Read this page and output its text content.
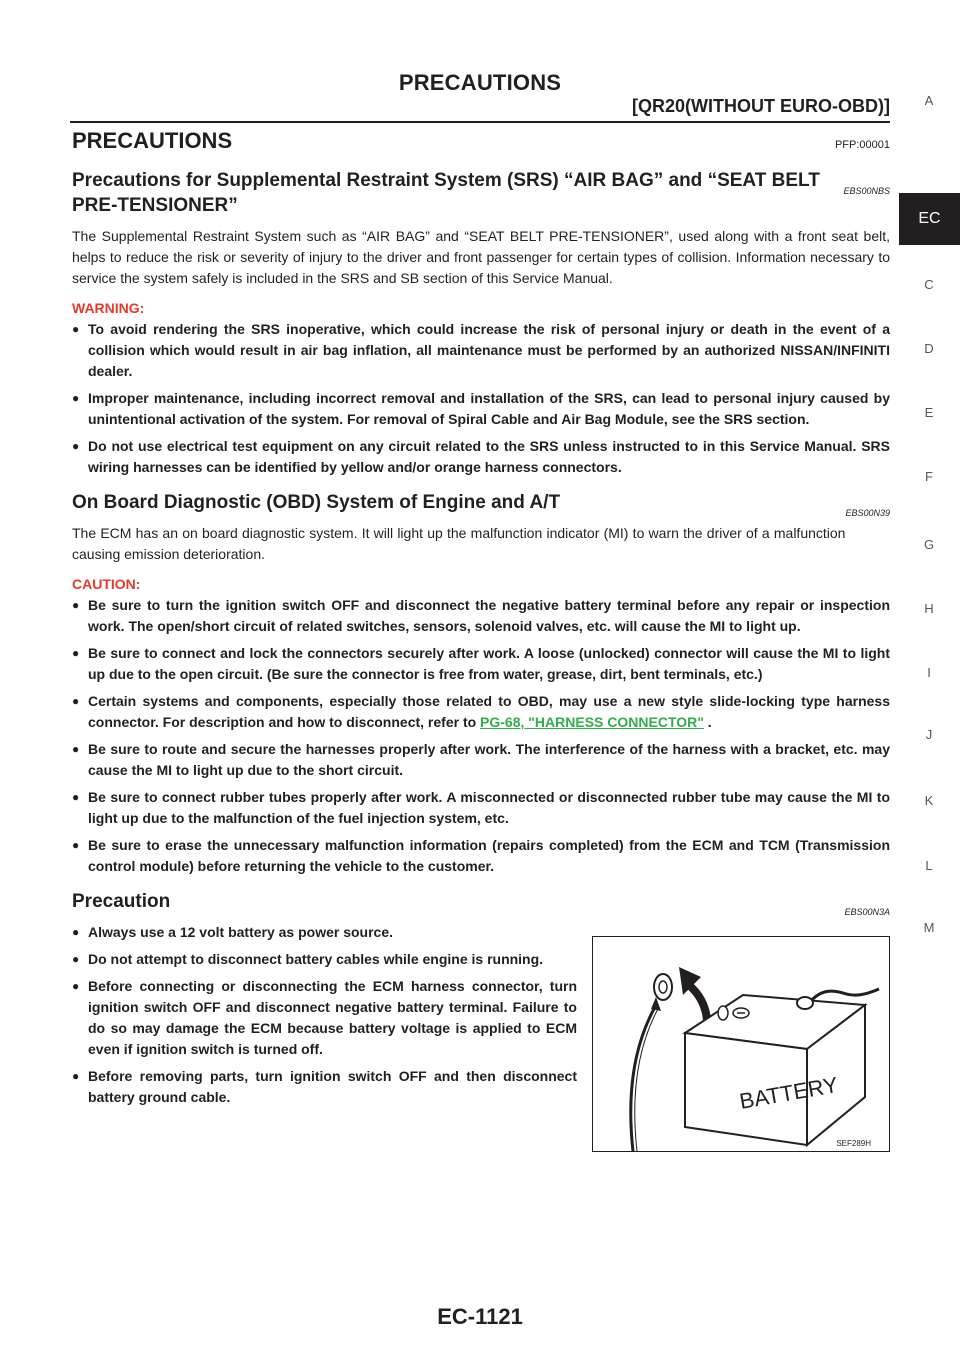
PRECAUTIONS
[QR20(WITHOUT EURO-OBD)]	A
EC
C
D
E
F
G
H
I
J
K
L
M
PRECAUTIONS	PFP:00001
EBS00NBS
Precautions for Supplemental Restraint System (SRS) “AIR BAG” and “SEAT BELT PRE-TENSIONER”

The Supplemental Restraint System such as “AIR BAG” and “SEAT BELT PRE-TENSIONER”, used along with a front seat belt, helps to reduce the risk or severity of injury to the driver and front passenger for certain types of collision. Information necessary to service the system safely is included in the SRS and SB section of this Service Manual.

WARNING:
● To avoid rendering the SRS inoperative, which could increase the risk of personal injury or death in the event of a collision which would result in air bag inflation, all maintenance must be performed by an authorized NISSAN/INFINITI dealer.
● Improper maintenance, including incorrect removal and installation of the SRS, can lead to personal injury caused by unintentional activation of the system. For removal of Spiral Cable and Air Bag Module, see the SRS section.
● Do not use electrical test equipment on any circuit related to the SRS unless instructed to in this Service Manual. SRS wiring harnesses can be identified by yellow and/or orange harness connectors.
EBS00N39
On Board Diagnostic (OBD) System of Engine and A/T

The ECM has an on board diagnostic system. It will light up the malfunction indicator (MI) to warn the driver of a malfunction causing emission deterioration.

CAUTION:
● Be sure to turn the ignition switch OFF and disconnect the negative battery terminal before any repair or inspection work. The open/short circuit of related switches, sensors, solenoid valves, etc. will cause the MI to light up.
● Be sure to connect and lock the connectors securely after work. A loose (unlocked) connector will cause the MI to light up due to the open circuit. (Be sure the connector is free from water, grease, dirt, bent terminals, etc.)
● Certain systems and components, especially those related to OBD, may use a new style slide-locking type harness connector. For description and how to disconnect, refer to PG-68, "HARNESS CONNECTOR" .
● Be sure to route and secure the harnesses properly after work. The interference of the harness with a bracket, etc. may cause the MI to light up due to the short circuit.
● Be sure to connect rubber tubes properly after work. A misconnected or disconnected rubber tube may cause the MI to light up due to the malfunction of the fuel injection system, etc.
● Be sure to erase the unnecessary malfunction information (repairs completed) from the ECM and TCM (Transmission control module) before returning the vehicle to the customer.
EBS00N3A
Precaution
● Always use a 12 volt battery as power source.
● Do not attempt to disconnect battery cables while engine is running.
● Before connecting or disconnecting the ECM harness connector, turn ignition switch OFF and disconnect negative battery terminal. Failure to do so may damage the ECM because battery voltage is applied to ECM even if ignition switch is turned off.
● Before removing parts, turn ignition switch OFF and then disconnect battery ground cable.	BATTERY
SEF289H
EC-1121
